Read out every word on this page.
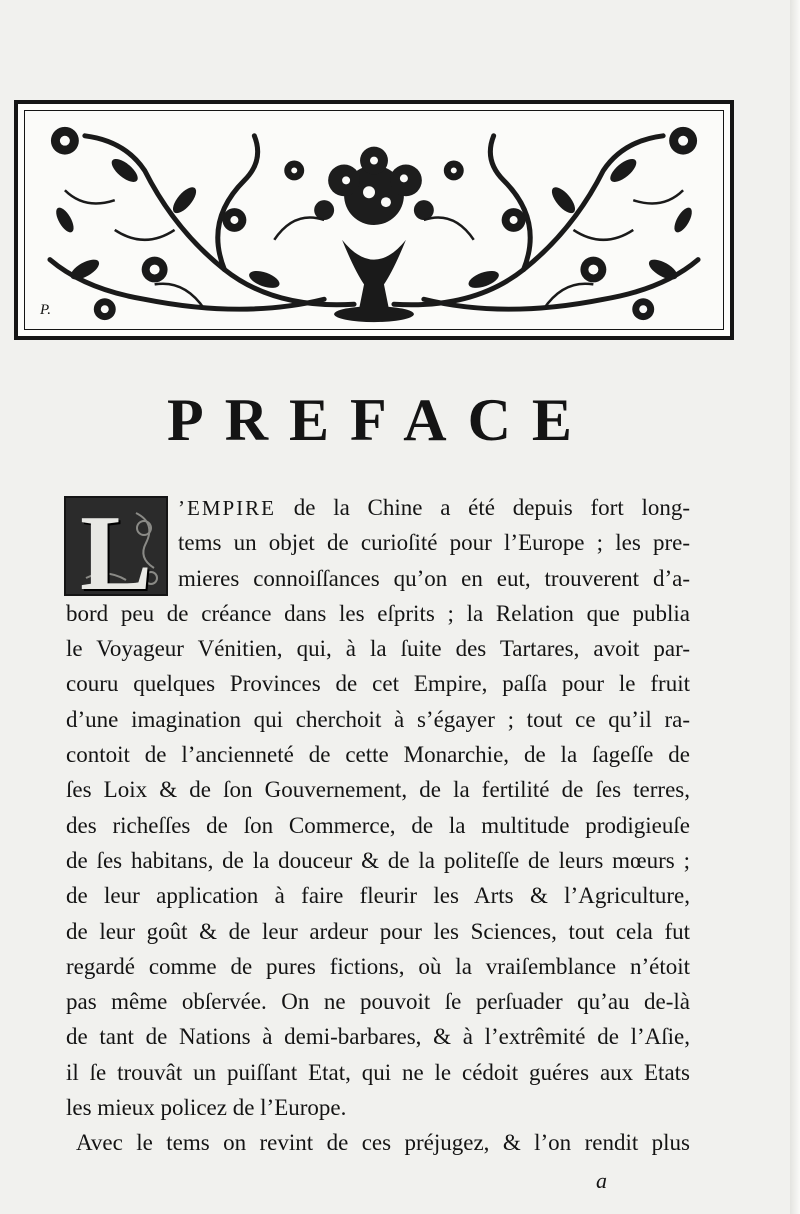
P.
PREFACE
L	’EMPIRE de la Chine a été depuis fort long-
tems un objet de curioſité pour l’Europe ; les pre-
mieres connoiſſances qu’on en eut, trouverent d’a-
bord peu de créance dans les eſprits ; la Relation que publia
le Voyageur Vénitien, qui, à la ſuite des Tartares, avoit par-
couru quelques Provinces de cet Empire, paſſa pour le fruit
d’une imagination qui cherchoit à s’égayer ; tout ce qu’il ra-
contoit de l’ancienneté de cette Monarchie, de la ſageſſe de
ſes Loix & de ſon Gouvernement, de la fertilité de ſes terres,
des richeſſes de ſon Commerce, de la multitude prodigieuſe
de ſes habitans, de la douceur & de la politeſſe de leurs mœurs ;
de leur application à faire fleurir les Arts & l’Agriculture,
de leur goût & de leur ardeur pour les Sciences, tout cela fut
regardé comme de pures fictions, où la vraiſemblance n’étoit
pas même obſervée. On ne pouvoit ſe perſuader qu’au de-là
de tant de Nations à demi-barbares, & à l’extrêmité de l’Aſie,
il ſe trouvât un puiſſant Etat, qui ne le cédoit guéres aux Etats
les mieux policez de l’Europe.
Avec le tems on revint de ces préjugez, & l’on rendit plus
a
